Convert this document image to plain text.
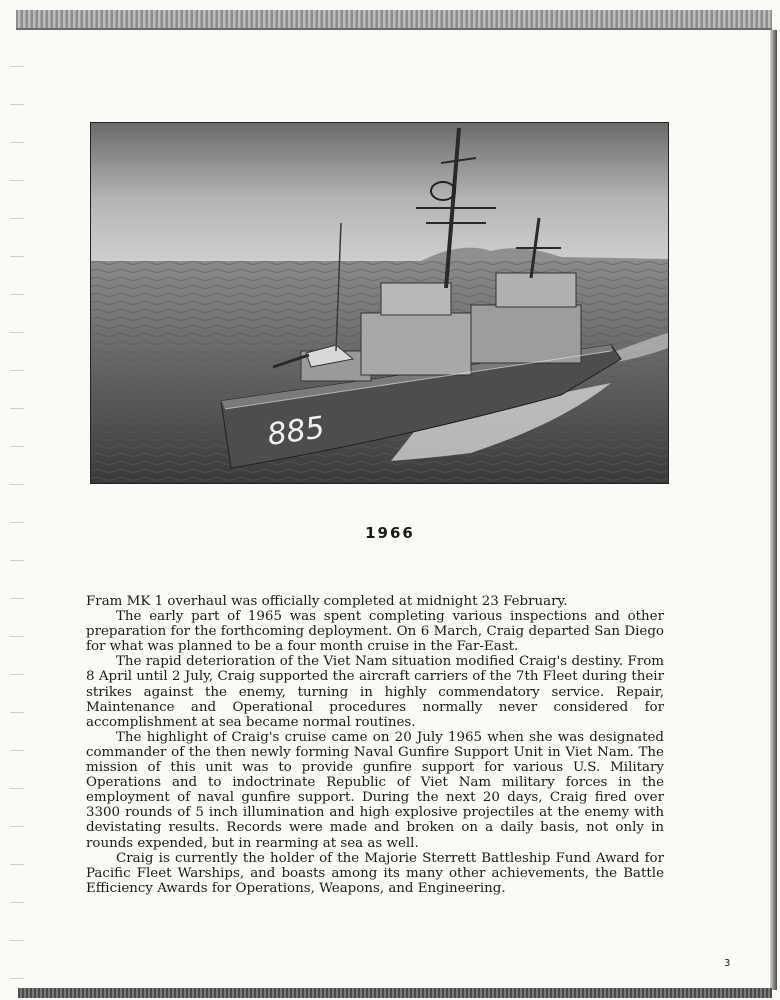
885
1966

Fram MK 1 overhaul was officially completed at midnight 23 February.

The early part of 1965 was spent completing various inspections and other preparation for the forthcoming deployment. On 6 March, Craig departed San Diego for what was planned to be a four month cruise in the Far-East.

The rapid deterioration of the Viet Nam situation modified Craig's destiny. From 8 April until 2 July, Craig supported the aircraft carriers of the 7th Fleet during their strikes against the enemy, turning in highly commendatory service. Repair, Maintenance and Operational procedures normally never considered for accomplishment at sea became normal routines.

The highlight of Craig's cruise came on 20 July 1965 when she was designated commander of the then newly forming Naval Gunfire Support Unit in Viet Nam. The mission of this unit was to provide gunfire support for various U.S. Military Operations and to indoctrinate Republic of Viet Nam military forces in the employment of naval gunfire support. During the next 20 days, Craig fired over 3300 rounds of 5 inch illumination and high explosive projectiles at the enemy with devistating results. Records were made and broken on a daily basis, not only in rounds expended, but in rearming at sea as well.

Craig is currently the holder of the Majorie Sterrett Battleship Fund Award for Pacific Fleet Warships, and boasts among its many other achievements, the Battle Efficiency Awards for Operations, Weapons, and Engineering.

3
